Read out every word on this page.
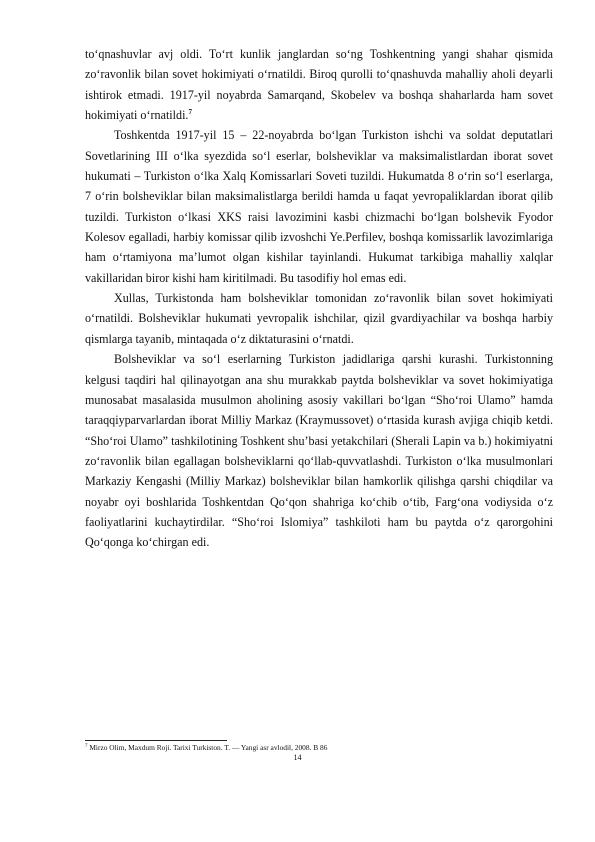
to‘qnashuvlar avj oldi. To‘rt kunlik janglardan so‘ng Toshkentning yangi shahar qismida zo‘ravonlik bilan sovet hokimiyati o‘rnatildi. Biroq qurolli to‘qnashuvda mahalliy aholi deyarli ishtirok etmadi. 1917-yil noyabrda Samarqand, Skobelev va boshqa shaharlarda ham sovet hokimiyati o‘rnatildi.$^7$

Toshkentda 1917-yil 15 – 22-noyabrda bo‘lgan Turkiston ishchi va soldat deputatlari Sovetlarining III o‘lka syezdida so‘l eserlar, bolsheviklar va maksimalistlardan iborat sovet hukumati – Turkiston o‘lka Xalq Komissarlari Soveti tuzildi. Hukumatda 8 o‘rin so‘l eserlarga, 7 o‘rin bolsheviklar bilan maksimalistlarga berildi hamda u faqat yevropaliklardan iborat qilib tuzildi. Turkiston o‘lkasi XKS raisi lavozimini kasbi chizmachi bo‘lgan bolshevik Fyodor Kolesov egalladi, harbiy komissar qilib izvoshchi Ye.Perfilev, boshqa komissarlik lavozimlariga ham o‘rtamiyona ma’lumot olgan kishilar tayinlandi. Hukumat tarkibiga mahalliy xalqlar vakillaridan biror kishi ham kiritilmadi. Bu tasodifiy hol emas edi.

Xullas, Turkistonda ham bolsheviklar tomonidan zo‘ravonlik bilan sovet hokimiyati o‘rnatildi. Bolsheviklar hukumati yevropalik ishchilar, qizil gvardiyachilar va boshqa harbiy qismlarga tayanib, mintaqada o‘z diktaturasini o‘rnatdi.

Bolsheviklar va so‘l eserlarning Turkiston jadidlariga qarshi kurashi. Turkistonning kelgusi taqdiri hal qilinayotgan ana shu murakkab paytda bolsheviklar va sovet hokimiyatiga munosabat masalasida musulmon aholining asosiy vakillari bo‘lgan “Sho‘roi Ulamo” hamda taraqqiyparvarlardan iborat Milliy Markaz (Kraymussovet) o‘rtasida kurash avjiga chiqib ketdi. “Sho‘roi Ulamo” tashkilotining Toshkent shu’basi yetakchilari (Sherali Lapin va b.) hokimiyatni zo‘ravonlik bilan egallagan bolsheviklarni qo‘llab-quvvatlashdi. Turkiston o‘lka musulmonlari Markaziy Kengashi (Milliy Markaz) bolsheviklar bilan hamkorlik qilishga qarshi chiqdilar va noyabr oyi boshlarida Toshkentdan Qo‘qon shahriga ko‘chib o‘tib, Farg‘ona vodiysida o‘z faoliyatlarini kuchaytirdilar. “Sho‘roi Islomiya” tashkiloti ham bu paytda o‘z qarorgohini Qo‘qonga ko‘chirgan edi.

$^7$ Mirzo Olim, Maxdum Roji. Tarixi Turkiston. T. — Yangi asr avlodi‖, 2008. B 86
14
